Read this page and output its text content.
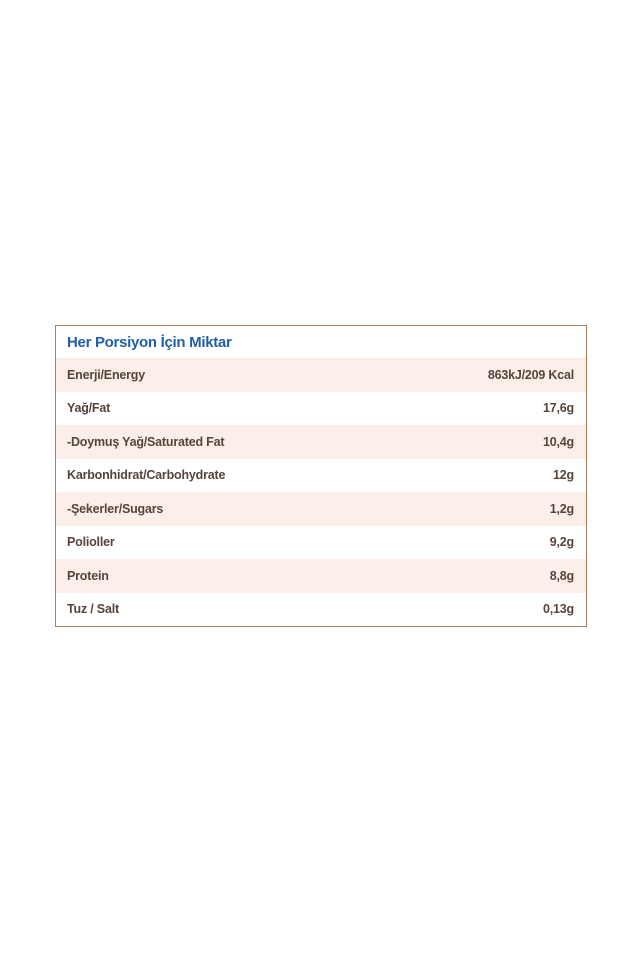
Her Porsiyon İçin Miktar
Enerji/Energy	863kJ/209 Kcal
Yağ/Fat	17,6g
-Doymuş Yağ/Saturated Fat	10,4g
Karbonhidrat/Carbohydrate	12g
-Şekerler/Sugars	1,2g
Polioller	9,2g
Protein	8,8g
Tuz / Salt	0,13g
